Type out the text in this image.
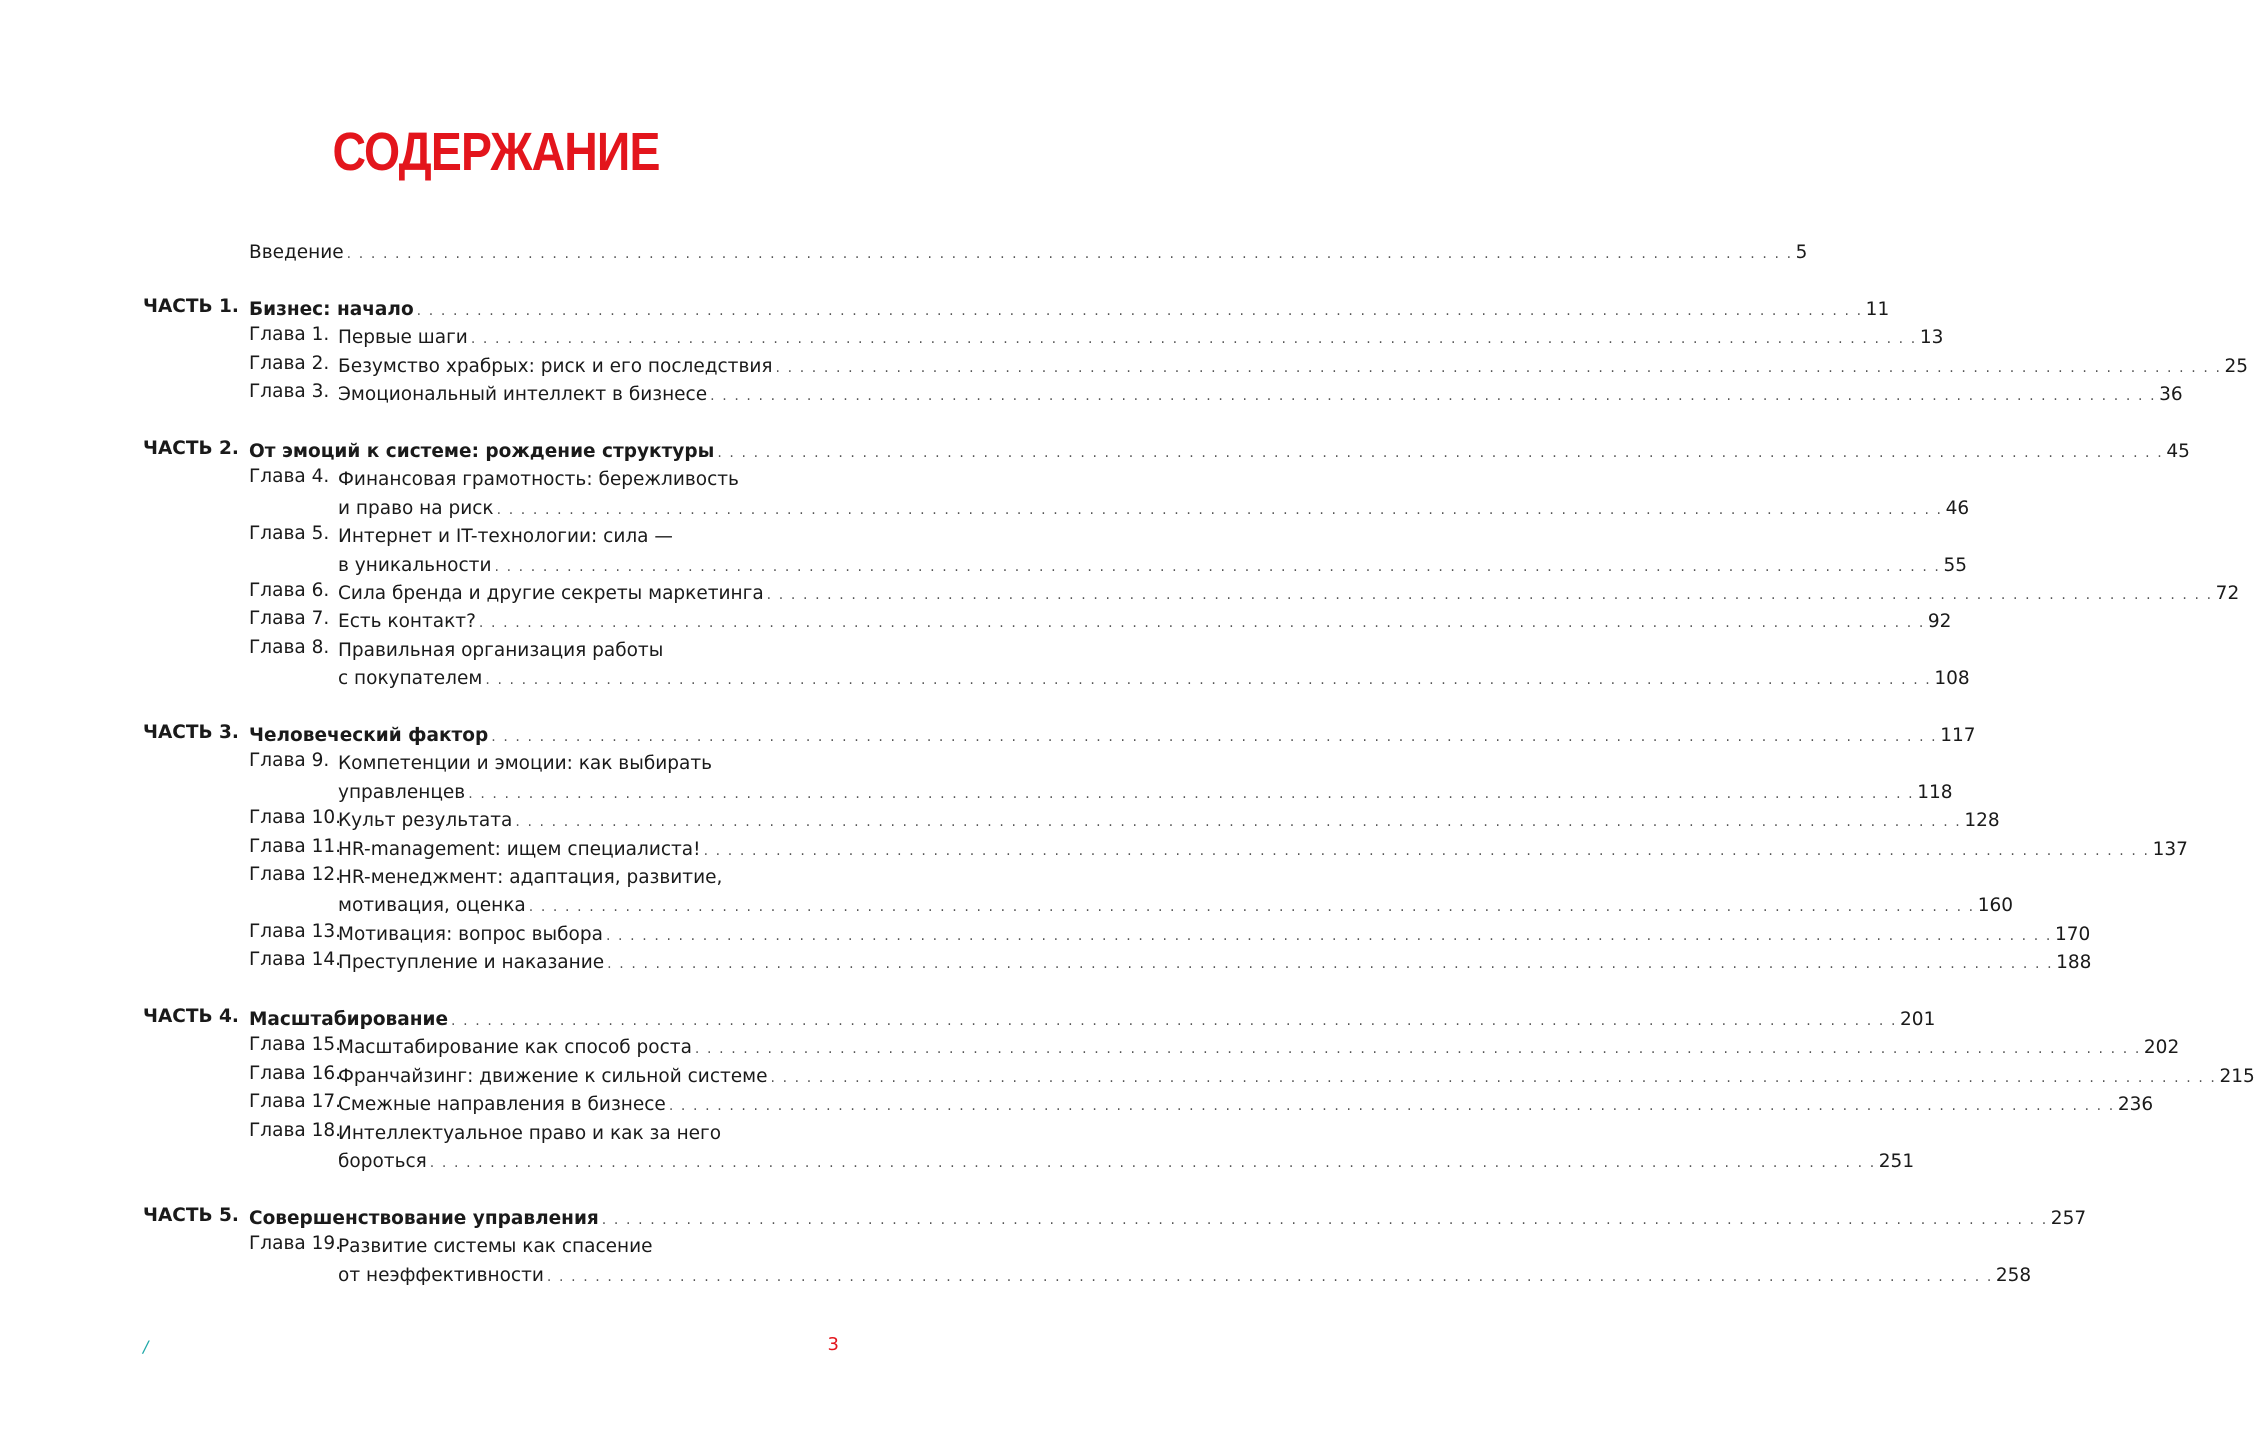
СОДЕРЖАНИЕ
Введение . . . . . . . . . . . . . . . . . . . . . . . . . . . . . . . . . . . . . . . . . . . . . . . . . . . . . . . . . . . . . . . . . . . . . . . . . . . . . . . . . . . . . . . . . . . . . . . . . . . . . . . . . . . . . . . . . . . . . . . . 5
ЧАСТЬ 1. Бизнес: начало . . . . . . . . . . . . . . . . . . . . . . . . . . . . . . . . . . . . . . . . . . . . . . . . . . . . . . . . . . . . . . . . . . . . . . . . . . . . . . . . . . . . . . . . . . . . . . . . . . . . . . . . . . . . . . . . . . . . . . . . 11
Глава 1. Первые шаги . . . . . . . . . . . . . . . . . . . . . . . . . . . . . . . . . . . . . . . . . . . . . . . . . . . . . . . . . . . . . . . . . . . . . . . . . . . . . . . . . . . . . . . . . . . . . . . . . . . . . . . . . . . . . . . . . . . . . . . . 13
Глава 2. Безумство храбрых: риск и его последствия . . . . . . . . . . . . . . . . . . . . . . . . . . . . . . . . . . . . . . . . . . . . . . . . . . . . . . . . . . . . . . . . . . . . . . . . . . . . . . . . . . . . . . . . . . . . . . . . . . . . . . . . . . . . . . . . . . . . . . . . 25
Глава 3. Эмоциональный интеллект в бизнесе . . . . . . . . . . . . . . . . . . . . . . . . . . . . . . . . . . . . . . . . . . . . . . . . . . . . . . . . . . . . . . . . . . . . . . . . . . . . . . . . . . . . . . . . . . . . . . . . . . . . . . . . . . . . . . . . . . . . . . . . 36
ЧАСТЬ 2. От эмоций к системе: рождение структуры . . . . . . . . . . . . . . . . . . . . . . . . . . . . . . . . . . . . . . . . . . . . . . . . . . . . . . . . . . . . . . . . . . . . . . . . . . . . . . . . . . . . . . . . . . . . . . . . . . . . . . . . . . . . . . . . . . . . . . . . 45
Глава 4. Финансовая грамотность: бережливость
и право на риск . . . . . . . . . . . . . . . . . . . . . . . . . . . . . . . . . . . . . . . . . . . . . . . . . . . . . . . . . . . . . . . . . . . . . . . . . . . . . . . . . . . . . . . . . . . . . . . . . . . . . . . . . . . . . . . . . . . . . . . . 46
Глава 5. Интернет и IT-технологии: сила —
в уникальности . . . . . . . . . . . . . . . . . . . . . . . . . . . . . . . . . . . . . . . . . . . . . . . . . . . . . . . . . . . . . . . . . . . . . . . . . . . . . . . . . . . . . . . . . . . . . . . . . . . . . . . . . . . . . . . . . . . . . . . . 55
Глава 6. Сила бренда и другие секреты маркетинга . . . . . . . . . . . . . . . . . . . . . . . . . . . . . . . . . . . . . . . . . . . . . . . . . . . . . . . . . . . . . . . . . . . . . . . . . . . . . . . . . . . . . . . . . . . . . . . . . . . . . . . . . . . . . . . . . . . . . . . . 72
Глава 7. Есть контакт? . . . . . . . . . . . . . . . . . . . . . . . . . . . . . . . . . . . . . . . . . . . . . . . . . . . . . . . . . . . . . . . . . . . . . . . . . . . . . . . . . . . . . . . . . . . . . . . . . . . . . . . . . . . . . . . . . . . . . . . . 92
Глава 8. Правильная организация работы
с покупателем . . . . . . . . . . . . . . . . . . . . . . . . . . . . . . . . . . . . . . . . . . . . . . . . . . . . . . . . . . . . . . . . . . . . . . . . . . . . . . . . . . . . . . . . . . . . . . . . . . . . . . . . . . . . . . . . . . . . . . . . 108
ЧАСТЬ 3. Человеческий фактор . . . . . . . . . . . . . . . . . . . . . . . . . . . . . . . . . . . . . . . . . . . . . . . . . . . . . . . . . . . . . . . . . . . . . . . . . . . . . . . . . . . . . . . . . . . . . . . . . . . . . . . . . . . . . . . . . . . . . . . . 117
Глава 9. Компетенции и эмоции: как выбирать
управленцев . . . . . . . . . . . . . . . . . . . . . . . . . . . . . . . . . . . . . . . . . . . . . . . . . . . . . . . . . . . . . . . . . . . . . . . . . . . . . . . . . . . . . . . . . . . . . . . . . . . . . . . . . . . . . . . . . . . . . . . . 118
Глава 10.
Культ результата . . . . . . . . . . . . . . . . . . . . . . . . . . . . . . . . . . . . . . . . . . . . . . . . . . . . . . . . . . . . . . . . . . . . . . . . . . . . . . . . . . . . . . . . . . . . . . . . . . . . . . . . . . . . . . . . . . . . . . . . 128
Глава 11.
HR-management: ищем специалиста! . . . . . . . . . . . . . . . . . . . . . . . . . . . . . . . . . . . . . . . . . . . . . . . . . . . . . . . . . . . . . . . . . . . . . . . . . . . . . . . . . . . . . . . . . . . . . . . . . . . . . . . . . . . . . . . . . . . . . . . . 137
Глава 12.
HR-менеджмент: адаптация, развитие,
мотивация, оценка . . . . . . . . . . . . . . . . . . . . . . . . . . . . . . . . . . . . . . . . . . . . . . . . . . . . . . . . . . . . . . . . . . . . . . . . . . . . . . . . . . . . . . . . . . . . . . . . . . . . . . . . . . . . . . . . . . . . . . . . 160
Глава 13.
Мотивация: вопрос выбора . . . . . . . . . . . . . . . . . . . . . . . . . . . . . . . . . . . . . . . . . . . . . . . . . . . . . . . . . . . . . . . . . . . . . . . . . . . . . . . . . . . . . . . . . . . . . . . . . . . . . . . . . . . . . . . . . . . . . . . . 170
Глава 14.
Преступление и наказание . . . . . . . . . . . . . . . . . . . . . . . . . . . . . . . . . . . . . . . . . . . . . . . . . . . . . . . . . . . . . . . . . . . . . . . . . . . . . . . . . . . . . . . . . . . . . . . . . . . . . . . . . . . . . . . . . . . . . . . . 188
ЧАСТЬ 4. Масштабирование . . . . . . . . . . . . . . . . . . . . . . . . . . . . . . . . . . . . . . . . . . . . . . . . . . . . . . . . . . . . . . . . . . . . . . . . . . . . . . . . . . . . . . . . . . . . . . . . . . . . . . . . . . . . . . . . . . . . . . . . 201
Глава 15.
Масштабирование как способ роста . . . . . . . . . . . . . . . . . . . . . . . . . . . . . . . . . . . . . . . . . . . . . . . . . . . . . . . . . . . . . . . . . . . . . . . . . . . . . . . . . . . . . . . . . . . . . . . . . . . . . . . . . . . . . . . . . . . . . . . . 202
Глава 16.
Франчайзинг: движение к сильной системе . . . . . . . . . . . . . . . . . . . . . . . . . . . . . . . . . . . . . . . . . . . . . . . . . . . . . . . . . . . . . . . . . . . . . . . . . . . . . . . . . . . . . . . . . . . . . . . . . . . . . . . . . . . . . . . . . . . . . . . . 215
Глава 17.
Смежные направления в бизнесе . . . . . . . . . . . . . . . . . . . . . . . . . . . . . . . . . . . . . . . . . . . . . . . . . . . . . . . . . . . . . . . . . . . . . . . . . . . . . . . . . . . . . . . . . . . . . . . . . . . . . . . . . . . . . . . . . . . . . . . . 236
Глава 18.
Интеллектуальное право и как за него
бороться . . . . . . . . . . . . . . . . . . . . . . . . . . . . . . . . . . . . . . . . . . . . . . . . . . . . . . . . . . . . . . . . . . . . . . . . . . . . . . . . . . . . . . . . . . . . . . . . . . . . . . . . . . . . . . . . . . . . . . . . 251
ЧАСТЬ 5. Совершенствование управления . . . . . . . . . . . . . . . . . . . . . . . . . . . . . . . . . . . . . . . . . . . . . . . . . . . . . . . . . . . . . . . . . . . . . . . . . . . . . . . . . . . . . . . . . . . . . . . . . . . . . . . . . . . . . . . . . . . . . . . . 257
Глава 19.
Развитие системы как спасение
от неэффективности . . . . . . . . . . . . . . . . . . . . . . . . . . . . . . . . . . . . . . . . . . . . . . . . . . . . . . . . . . . . . . . . . . . . . . . . . . . . . . . . . . . . . . . . . . . . . . . . . . . . . . . . . . . . . . . . . . . . . . . . 258
/	3
